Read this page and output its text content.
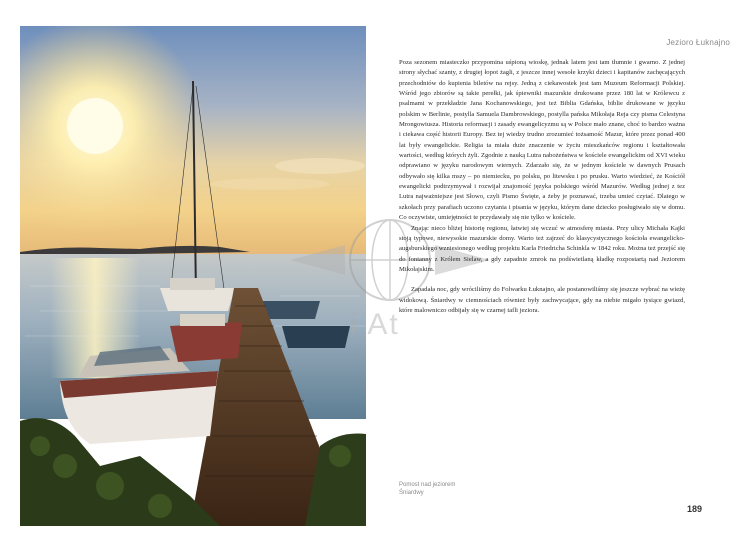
i At
Jezioro Łuknajno

Poza sezonem miasteczko przypomina uśpioną wioskę, jednak latem jest tam tłumnie i gwarno. Z jednej strony słychać szanty, z drugiej łopot żagli, z jeszcze innej wesołe krzyki dzieci i kapitanów zachęcających przechodniów do kupienia biletów na rejsy. Jedną z ciekawostek jest tam Muzeum Reformacji Polskiej. Wśród jego zbiorów są takie perełki, jak śpiewniki mazurskie drukowane przez 180 lat w Królewcu z psalmami w przekładzie Jana Kochanowskiego, jest też Biblia Gdańska, biblie drukowane w języku polskim w Berlinie, postylla Samuela Dambrowskiego, postylla pańska Mikołaja Reja czy pisma Celestyna Mrongowiusza. Historia reformacji i zasady ewangelicyzmu są w Polsce mało znane, choć to bardzo ważna i ciekawa część historii Europy. Bez tej wiedzy trudno zrozumieć tożsamość Mazur, które przez ponad 400 lat były ewangelickie. Religia ta miała duże znaczenie w życiu mieszkańców regionu i kształtowała wartości, według których żyli. Zgodnie z nauką Lutra nabożeństwa w kościele ewangelickim od XVI wieku odprawiano w języku narodowym wiernych. Zdarzało się, że w jednym kościele w dawnych Prusach odbywało się kilka mszy – po niemiecku, po polsku, po litewsku i po prusku. Warto wiedzieć, że Kościół ewangelicki podtrzymywał i rozwijał znajomość języka polskiego wśród Mazurów. Według jednej z tez Lutra najważniejsze jest Słowo, czyli Pismo Święte, a żeby je poznawać, trzeba umieć czytać. Dlatego w szkołach przy parafiach uczono czytania i pisania w języku, którym dane dziecko posługiwało się w domu. Co oczywiste, umiejętności te przydawały się nie tylko w kościele.

Znając nieco bliżej historię regionu, łatwiej się wczuć w atmosferę miasta. Przy ulicy Michała Kajki stoją typowe, niewysokie mazurskie domy. Warto też zajrzeć do klasycystycznego kościoła ewangelicko-augsburskiego wzniesionego według projektu Karla Friedricha Schinkla w 1842 roku. Można też przejść się do fontanny z Królem Sielaw, a gdy zapadnie zmrok na podświetlaną kładkę rozpostartą nad Jeziorem Mikołajskim.

Zapadała noc, gdy wróciliśmy do Folwarku Łuknajno, ale postanowiliśmy się jeszcze wybrać na wieżę widokową. Śniardwy w ciemnościach również były zachwycające, gdy na niebie migało tysiące gwiazd, które malowniczo odbijały się w czarnej tafli jeziora.

Pomost nad jeziorem
Śniardwy
189
